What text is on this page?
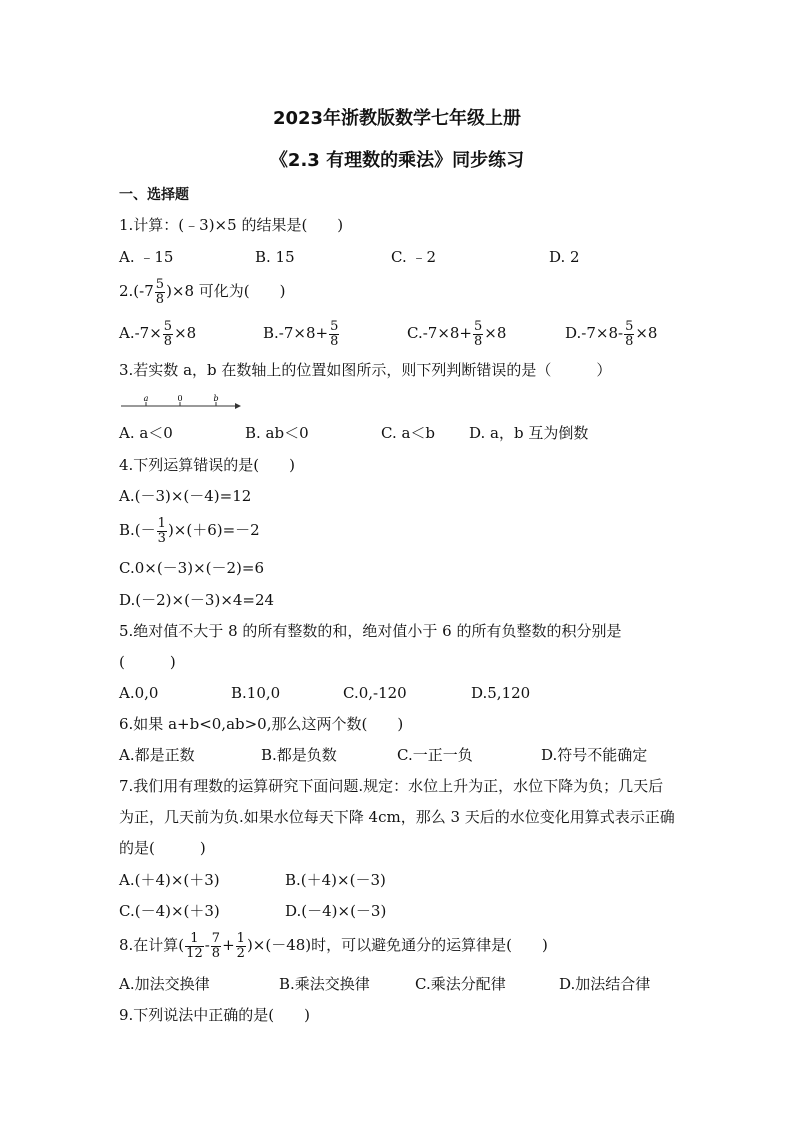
2023年浙教版数学七年级上册
《2.3 有理数的乘法》同步练习
一、选择题
1.计算：(﹣3)×5 的结果是(　　)
A. ﹣15	B. 15	C. ﹣2	D. 2
$2.(-7 \frac{5}{8} )\times 8$ 可化为(　　)
$A.-7\times \frac{5}{8} \times 8$	$B.-7\times 8+ \frac{5}{8}$	$C.-7\times 8+ \frac{5}{8} \times 8$	$D.-7\times 8- \frac{5}{8} \times 8$
3.若实数 a，b 在数轴上的位置如图所示，则下列判断错误的是（　　　）
a	0	b
A. a＜0	B. ab＜0	C. a＜b D. a，b 互为倒数
4.下列运算错误的是(　　)
A.(－3)×(－4)=12
$B.(- \frac{1}{3} )\times(+6)=-2$
C.0×(－3)×(－2)=6
D.(－2)×(－3)×4=24
5.绝对值不大于 8 的所有整数的和，绝对值小于 6 的所有负整数的积分别是
(　　　)
A.0,0	B.10,0	C.0,-120	D.5,120
6.如果 a+b<0,ab>0,那么这两个数(　　)
A.都是正数	B.都是负数	C.一正一负	D.符号不能确定
7.我们用有理数的运算研究下面问题.规定：水位上升为正，水位下降为负；几天后
为正，几天前为负.如果水位每天下降 4cm，那么 3 天后的水位变化用算式表示正确
的是(　　　)
A.(＋4)×(＋3)	B.(＋4)×(－3)
C.(－4)×(＋3)	D.(－4)×(－3)
8.在计算( $\frac{1}{12} - \frac{7}{8} + \frac{1}{2} )\times(-48)$时，可以避免通分的运算律是(　　)
A.加法交换律	B.乘法交换律	C.乘法分配律	D.加法结合律
9.下列说法中正确的是(　　)
